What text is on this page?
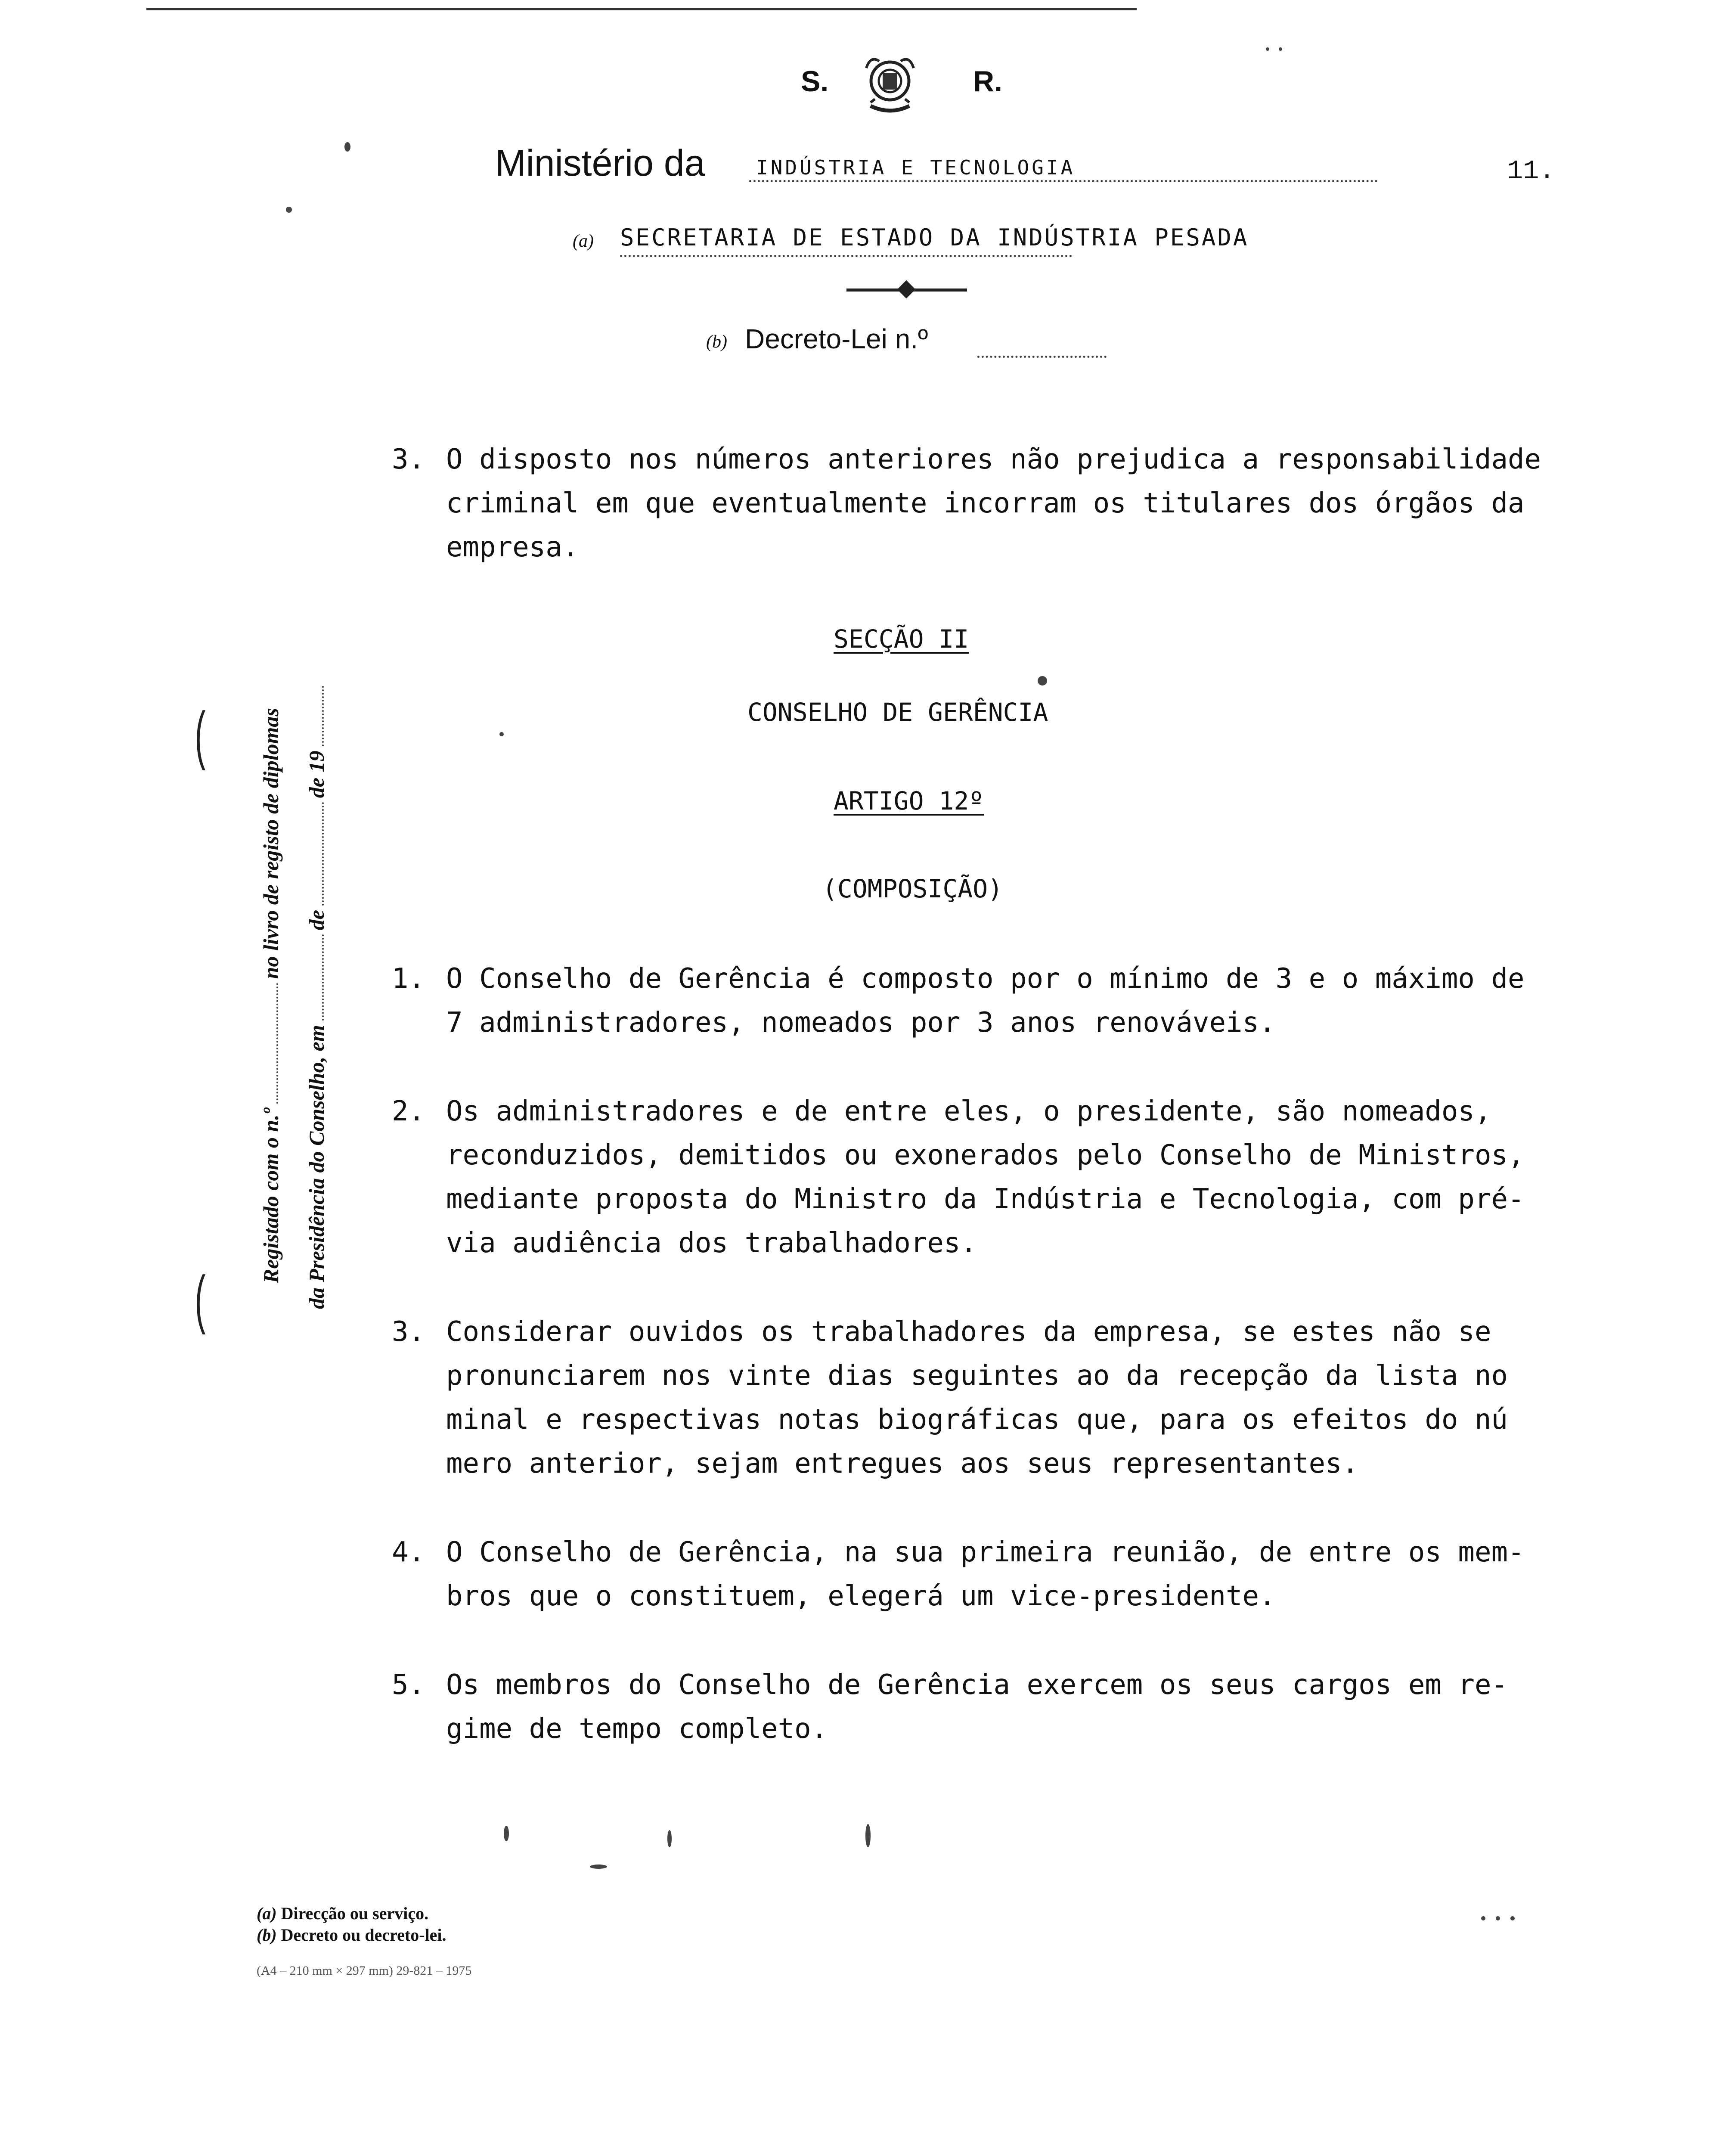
S.	R.
Ministério da	INDÚSTRIA E TECNOLOGIA	11.
(a) SECRETARIA DE ESTADO DA INDÚSTRIA PESADA
(b) Decreto-Lei n.º
3. O disposto nos números anteriores não prejudica a responsabilidade
criminal em que eventualmente incorram os titulares dos órgãos da
empresa.
SECÇÃO II
CONSELHO DE GERÊNCIA
ARTIGO 12º
(COMPOSIÇÃO)
1. O Conselho de Gerência é composto por o mínimo de 3 e o máximo de
7 administradores, nomeados por 3 anos renováveis.
2. Os administradores e de entre eles, o presidente, são nomeados,
reconduzidos, demitidos ou exonerados pelo Conselho de Ministros,
mediante proposta do Ministro da Indústria e Tecnologia, com pré-
via audiência dos trabalhadores.
3. Considerar ouvidos os trabalhadores da empresa, se estes não se
pronunciarem nos vinte dias seguintes ao da recepção da lista no
minal e respectivas notas biográficas que, para os efeitos do nú
mero anterior, sejam entregues aos seus representantes.
4. O Conselho de Gerência, na sua primeira reunião, de entre os mem-
bros que o constituem, elegerá um vice-presidente.
5. Os membros do Conselho de Gerência exercem os seus cargos em re-
gime de tempo completo.
Registado com o n.ºno livro de registo de diplomas
da Presidência do Conselho, emdede 19
(
(
(a) Direcção ou serviço.
(b) Decreto ou decreto-lei.
(A4 – 210 mm × 297 mm) 29-821 – 1975
